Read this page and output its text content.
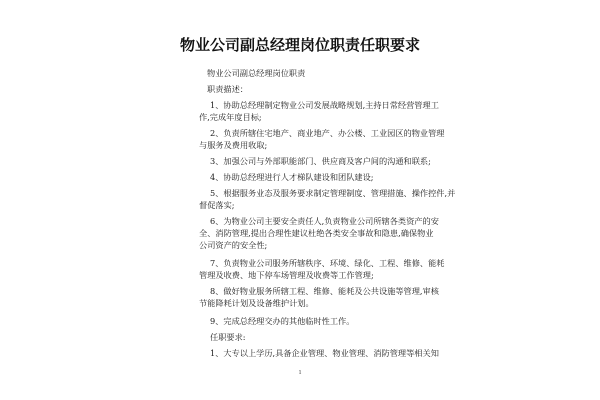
物业公司副总经理岗位职责任职要求
物业公司副总经理岗位职责
职责描述：
1、协助总经理制定物业公司发展战略规划,主持日常经营管理工
作,完成年度目标;
2、负责所辖住宅地产、商业地产、办公楼、工业园区的物业管理
与服务及费用收取;
3、加强公司与外部职能部门、供应商及客户间的沟通和联系;
4、协助总经理进行人才梯队建设和团队建设;
5、根据服务业态及服务要求制定管理制度、管理措施、操作控件,并
督促落实;
6、为物业公司主要安全责任人,负责物业公司所辖各类资产的安
全、消防管理,提出合理性建议杜绝各类安全事故和隐患,确保物业
公司资产的安全性;
7、负责物业公司服务所辖秩序、环境、绿化、工程、维修、能耗
管理及收费、地下停车场管理及收费等工作管理;
8、做好物业服务所辖工程、维修、能耗及公共设施等管理,审核
节能降耗计划及设备维护计划。
9、完成总经理交办的其他临时性工作。
任职要求:
1、大专以上学历,具备企业管理、物业管理、消防管理等相关知
1
